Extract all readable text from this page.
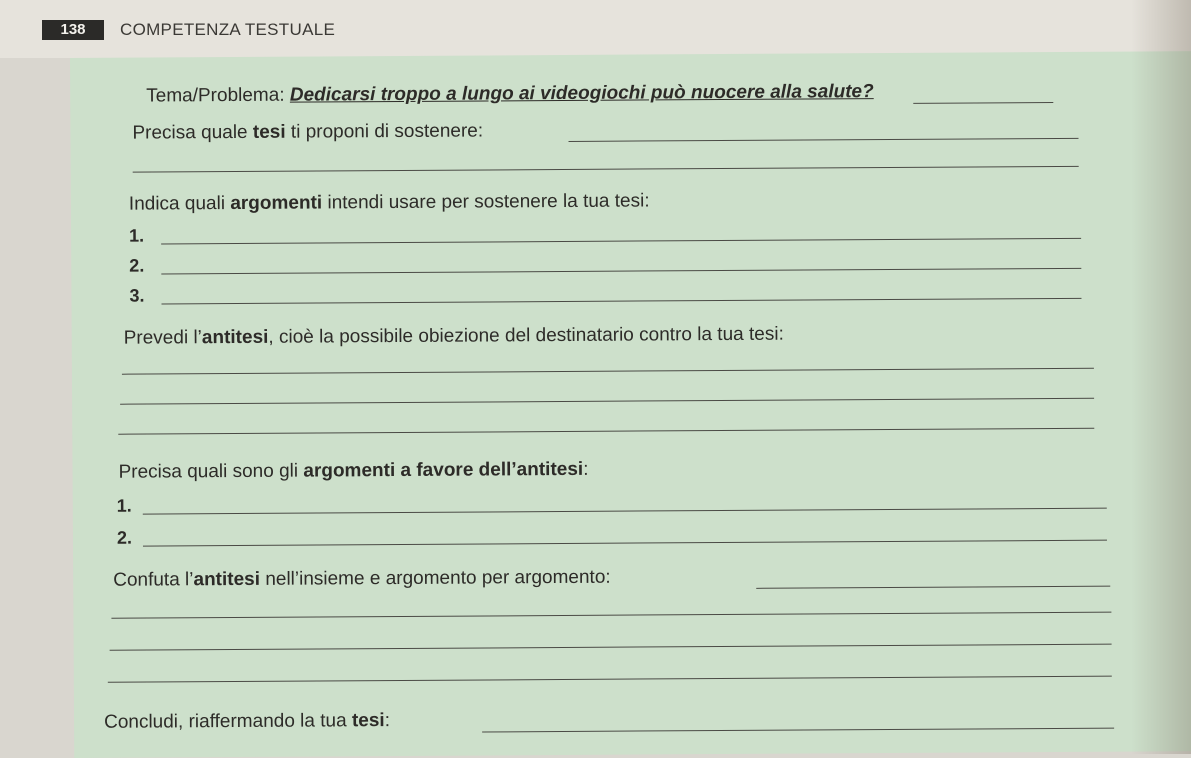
138	COMPETENZA TESTUALE
Tema/Problema: Dedicarsi troppo a lungo ai videogiochi può nuocere alla salute?
Precisa quale tesi ti proponi di sostenere:
Indica quali argomenti intendi usare per sostenere la tua tesi:
1.
2.
3.
Prevedi l’antitesi, cioè la possibile obiezione del destinatario contro la tua tesi:
Precisa quali sono gli argomenti a favore dell’antitesi:
1.
2.
Confuta l’antitesi nell’insieme e argomento per argomento:
Concludi, riaffermando la tua tesi:
